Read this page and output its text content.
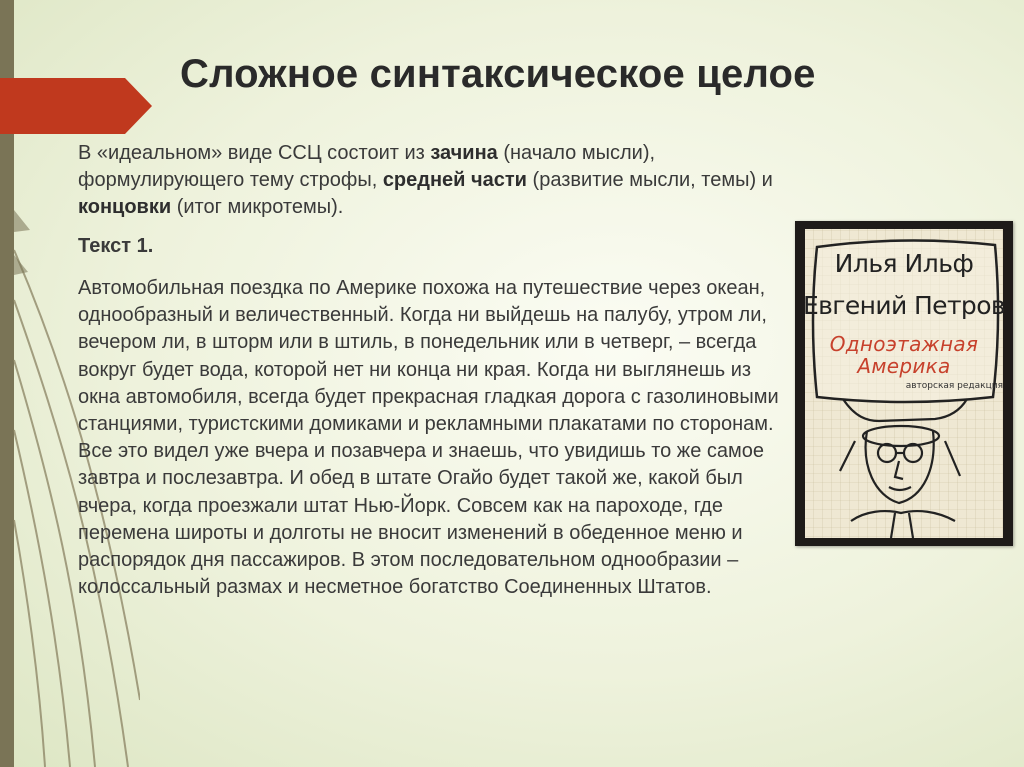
Сложное синтаксическое целое

В «идеальном» виде ССЦ состоит из зачина (начало мысли), формулирующего тему строфы, средней части (развитие мысли, темы) и концовки (итог микротемы).

Текст 1.

Автомобильная поездка по Америке похожа на путешествие через океан, однообразный и величественный. Когда ни выйдешь на палубу, утром ли, вечером ли, в шторм или в штиль, в понедельник или в четверг, – всегда вокруг будет вода, которой нет ни конца ни края. Когда ни выглянешь из окна автомобиля, всегда будет прекрасная гладкая дорога с газолиновыми станциями, туристскими домиками и рекламными плакатами по сторонам. Все это видел уже вчера и позавчера и знаешь, что увидишь то же самое завтра и послезавтра. И обед в штате Огайо будет такой же, какой был вчера, когда проезжали штат Нью-Йорк. Совсем как на пароходе, где перемена широты и долготы не вносит изменений в обеденное меню и распорядок дня пассажиров. В этом последовательном однообразии – колоссальный размах и несметное богатство Соединенных Штатов.

Илья Ильф
Евгений Петров
Одноэтажная
Америка
авторская редакция
